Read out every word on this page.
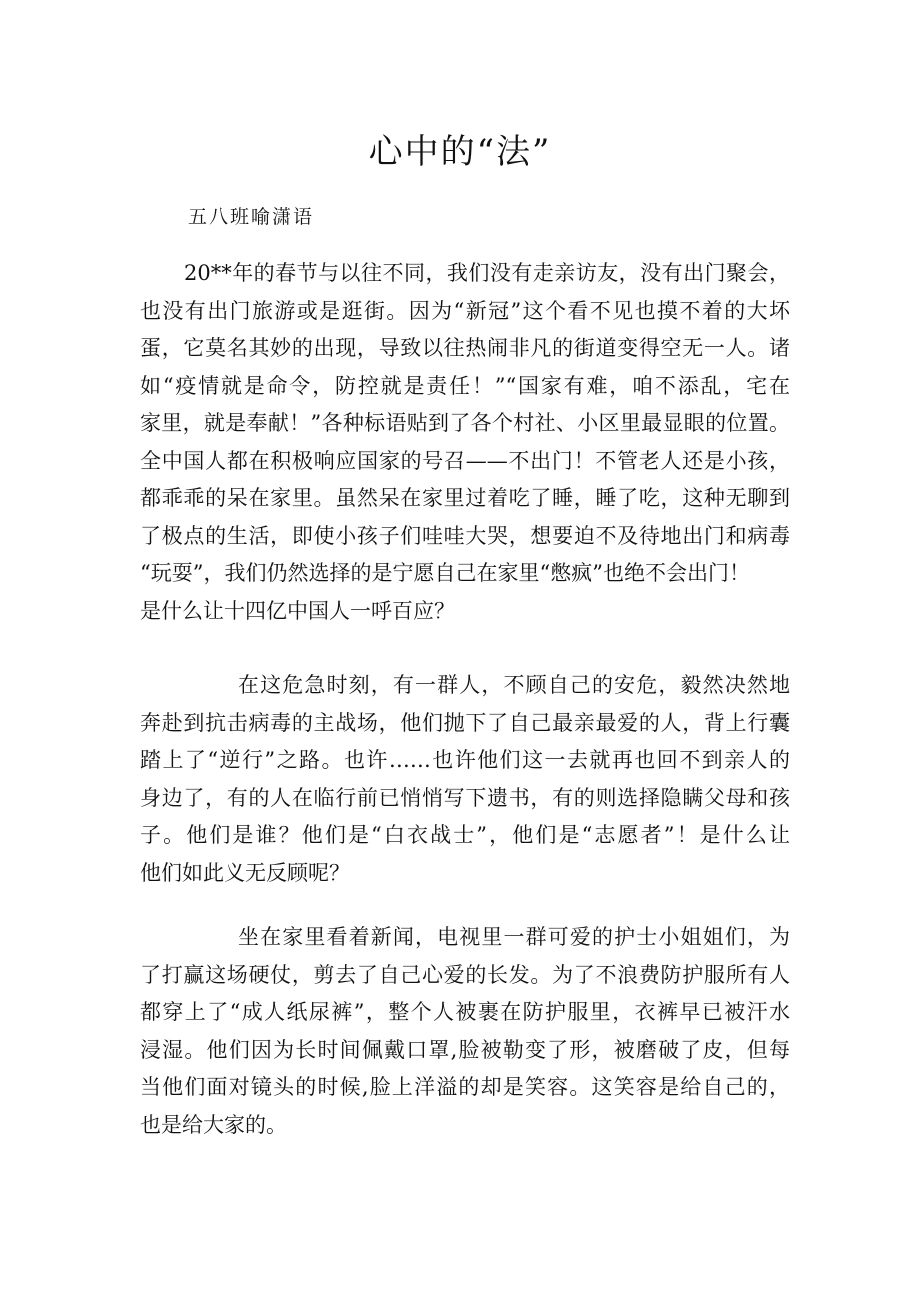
心中的“法”

五八班喻潇语

20**年的春节与以往不同，我们没有走亲访友，没有出门聚会，
也没有出门旅游或是逛街。因为“新冠”这个看不见也摸不着的大坏
蛋，它莫名其妙的出现，导致以往热闹非凡的街道变得空无一人。诸
如“疫情就是命令，防控就是责任！”“国家有难，咱不添乱，宅在
家里，就是奉献！”各种标语贴到了各个村社、小区里最显眼的位置。
全中国人都在积极响应国家的号召——不出门！不管老人还是小孩，
都乖乖的呆在家里。虽然呆在家里过着吃了睡，睡了吃，这种无聊到
了极点的生活，即使小孩子们哇哇大哭，想要迫不及待地出门和病毒
“玩耍”，我们仍然选择的是宁愿自己在家里“憋疯”也绝不会出门！
是什么让十四亿中国人一呼百应？
在这危急时刻，有一群人，不顾自己的安危，毅然决然地
奔赴到抗击病毒的主战场，他们抛下了自己最亲最爱的人，背上行囊
踏上了“逆行”之路。也许……也许他们这一去就再也回不到亲人的
身边了，有的人在临行前已悄悄写下遗书，有的则选择隐瞒父母和孩
子。他们是谁？他们是“白衣战士”，他们是“志愿者”！是什么让
他们如此义无反顾呢？
坐在家里看着新闻，电视里一群可爱的护士小姐姐们，为
了打赢这场硬仗，剪去了自己心爱的长发。为了不浪费防护服所有人
都穿上了“成人纸尿裤”，整个人被裹在防护服里，衣裤早已被汗水
浸湿。他们因为长时间佩戴口罩,脸被勒变了形，被磨破了皮，但每
当他们面对镜头的时候,脸上洋溢的却是笑容。这笑容是给自己的，
也是给大家的。
